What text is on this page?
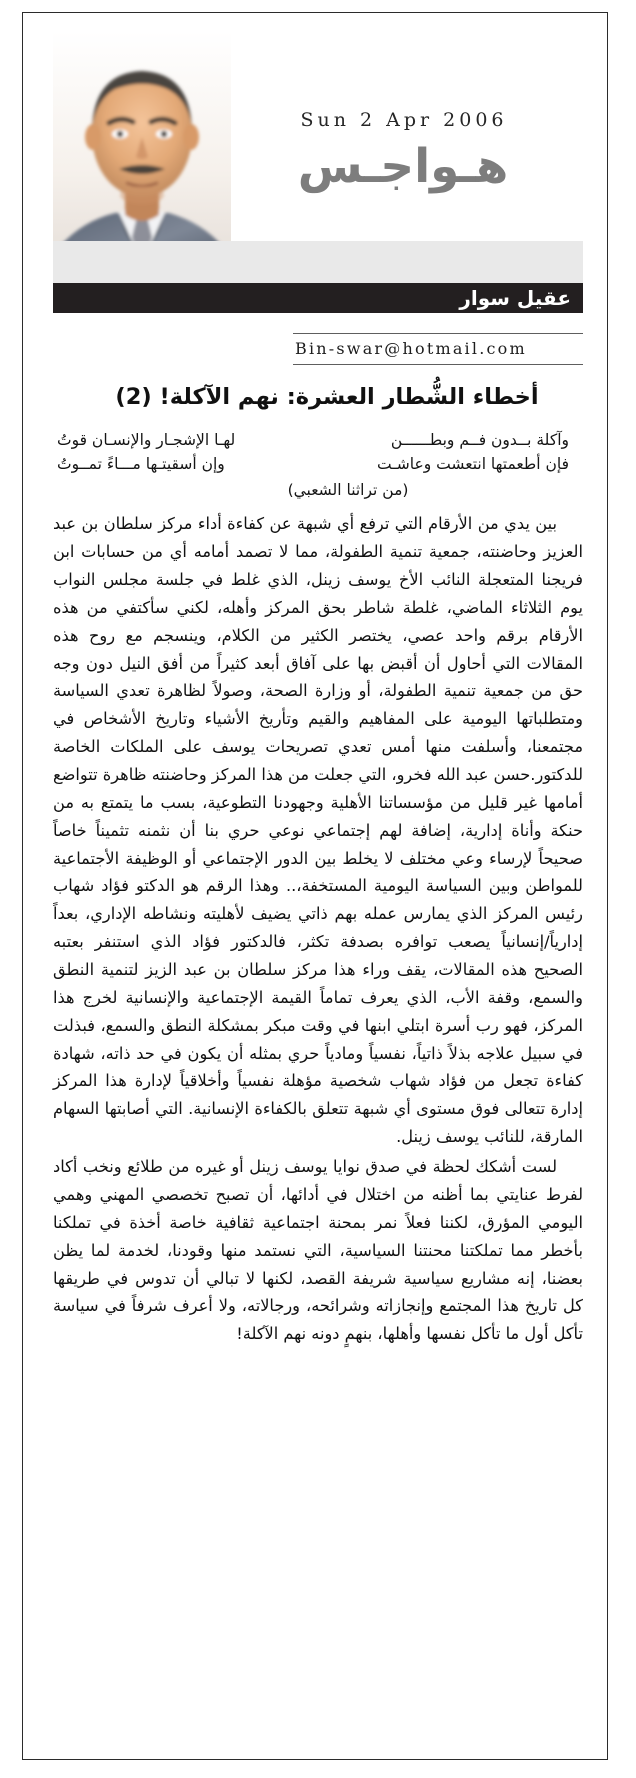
Sun 2 Apr 2006
هـواجـس
عقيل سوار
Bin-swar@hotmail.com
أخطاء الشُّطار العشرة: نهم الآكلة! (2)
وآكلة بــدون فــم وبطــــــن
لهـا الإشجـار والإنسـان قوتُ
فإن أطعمتها انتعشت وعاشـت
وإن أسقيتـها مـــاءً تمــوتُ
(من تراثنا الشعبي)

بين يدي من الأرقام التي ترفع أي شبهة عن كفاءة أداء مركز سلطان بن عبد العزيز وحاضنته، جمعية تنمية الطفولة، مما لا تصمد أمامه أي من حسابات ابن فريجنا المتعجلة النائب الأخ يوسف زينل، الذي غلط في جلسة مجلس النواب يوم الثلاثاء الماضي، غلطة شاطر بحق المركز وأهله، لكني سأكتفي من هذه الأرقام برقم واحد عصي، يختصر الكثير من الكلام، وينسجم مع روح هذه المقالات التي أحاول أن أقبض بها على آفاق أبعد كثيراً من أفق النيل دون وجه حق من جمعية تنمية الطفولة، أو وزارة الصحة، وصولاً لظاهرة تعدي السياسة ومتطلباتها اليومية على المفاهيم والقيم وتأريخ الأشياء وتاريخ الأشخاص في مجتمعنا، وأسلفت منها أمس تعدي تصريحات يوسف على الملكات الخاصة للدكتور.حسن عبد الله فخرو، التي جعلت من هذا المركز وحاضنته ظاهرة تتواضع أمامها غير قليل من مؤسساتنا الأهلية وجهودنا التطوعية، بسب ما يتمتع به من حنكة وأناة إدارية، إضافة لهم إجتماعي نوعي حري بنا أن نثمنه تثميناً خاصاً صحيحاً لإرساء وعي مختلف لا يخلط بين الدور الإجتماعي أو الوظيفة الأجتماعية للمواطن وبين السياسة اليومية المستخفة،.. وهذا الرقم هو الدكتو فؤاد شهاب رئيس المركز الذي يمارس عمله بهم ذاتي يضيف لأهليته ونشاطه الإداري، بعداً إدارياً/إنسانياً يصعب توافره بصدفة تكثر، فالدكتور فؤاد الذي استنفر بعتبه الصحيح هذه المقالات، يقف وراء هذا مركز سلطان بن عبد الزيز لتنمية النطق والسمع، وقفة الأب، الذي يعرف تماماً القيمة الإجتماعية والإنسانية لخرج هذا المركز، فهو رب أسرة ابتلي ابنها في وقت مبكر بمشكلة النطق والسمع، فبذلت في سبيل علاجه بذلاً ذاتياً، نفسياً ومادياً حري بمثله أن يكون في حد ذاته، شهادة كفاءة تجعل من فؤاد شهاب شخصية مؤهلة نفسياً وأخلاقياً لإدارة هذا المركز إدارة تتعالى فوق مستوى أي شبهة تتعلق بالكفاءة الإنسانية. التي أصابتها السهام المارقة، للنائب يوسف زينل.

لست أشكك لحظة في صدق نوايا يوسف زينل أو غيره من طلائع ونخب أكاد لفرط عنايتي بما أظنه من اختلال في أدائها، أن تصبح تخصصي المهني وهمي اليومي المؤرق، لكننا فعلاً نمر بمحنة اجتماعية ثقافية خاصة أخذة في تملكنا بأخطر مما تملكتنا محنتنا السياسية، التي نستمد منها وقودنا، لخدمة لما يظن بعضنا، إنه مشاريع سياسية شريفة القصد، لكنها لا تبالي أن تدوس في طريقها كل تاريخ هذا المجتمع وإنجازاته وشرائحه، ورجالاته، ولا أعرف شرفاً في سياسة تأكل أول ما تأكل نفسها وأهلها، بنهمٍ دونه نهم الآكلة!
